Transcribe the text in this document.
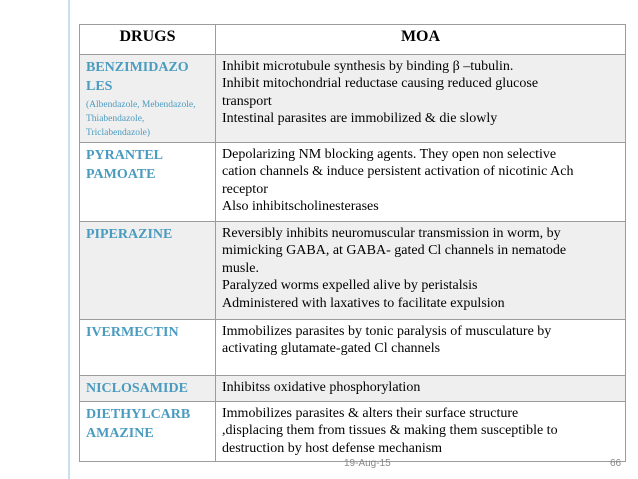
DRUGS	MOA

BENZIMIDAZO
LES
(Albendazole, Mebendazole,
Thiabendazole,
Triclabendazole)	Inhibit microtubule synthesis by binding β –tubulin.
Inhibit mitochondrial reductase causing reduced glucose
transport
Intestinal parasites are immobilized & die slowly

PYRANTEL
PAMOATE	Depolarizing NM blocking agents. They open non selective
cation channels & induce persistent activation of nicotinic Ach
receptor
Also inhibitscholinesterases

PIPERAZINE	Reversibly inhibits neuromuscular transmission in worm, by
mimicking GABA, at GABA- gated Cl channels in nematode
musle.
Paralyzed worms expelled alive by peristalsis
Administered with laxatives to facilitate expulsion

IVERMECTIN	Immobilizes parasites by tonic paralysis of musculature by
activating glutamate-gated Cl channels

NICLOSAMIDE	Inhibitss oxidative phosphorylation

DIETHYLCARB
AMAZINE	Immobilizes parasites & alters their surface structure
,displacing them from tissues & making them susceptible to
destruction by host defense mechanism
19-Aug-15	66
